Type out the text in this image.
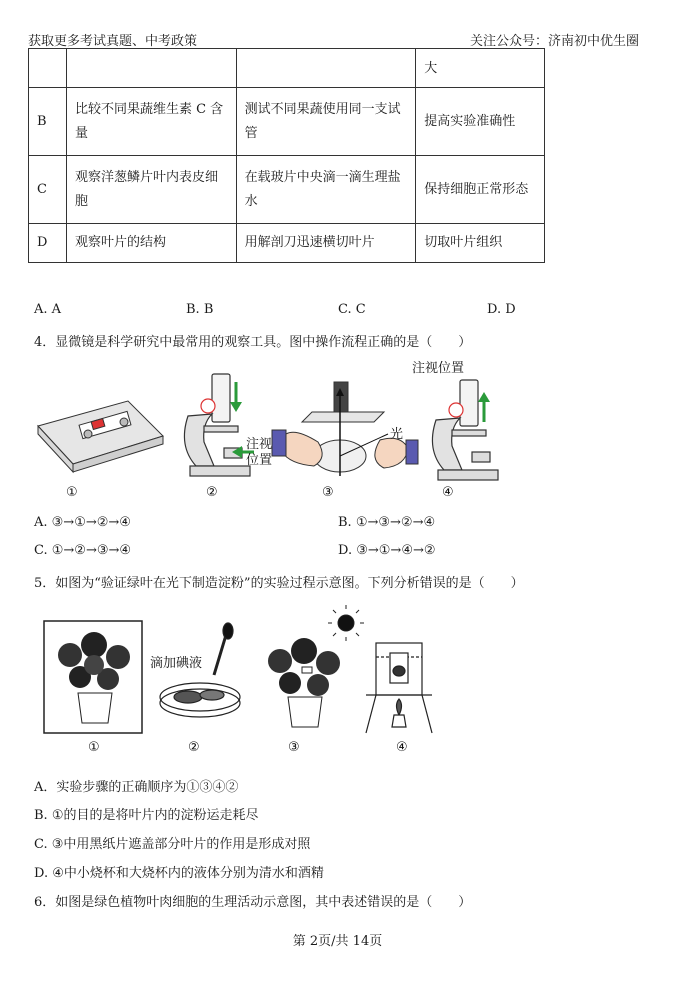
获取更多考试真题、中考政策	关注公众号：济南初中优生圈
			大
B	比较不同果蔬维生素 C 含量	测试不同果蔬使用同一支试管	提高实验准确性
C	观察洋葱鳞片叶内表皮细胞	在载玻片中央滴一滴生理盐水	保持细胞正常形态
D	观察叶片的结构	用解剖刀迅速横切叶片	切取叶片组织
A. A	B. B	C. C	D. D
4．显微镜是科学研究中最常用的观察工具。图中操作流程正确的是（　　）
注视
位置
光
注视位置
①	②	③	④
A. ③→①→②→④	B. ①→③→②→④
C. ①→②→③→④	D. ③→①→④→②
5．如图为“验证绿叶在光下制造淀粉”的实验过程示意图。下列分析错误的是（　　）
滴加碘液
①	②	③	④
A．实验步骤的正确顺序为①③④②
B. ①的目的是将叶片内的淀粉运走耗尽
C. ③中用黑纸片遮盖部分叶片的作用是形成对照
D. ④中小烧杯和大烧杯内的液体分别为清水和酒精
6．如图是绿色植物叶肉细胞的生理活动示意图，其中表述错误的是（　　）
第 2页/共 14页
